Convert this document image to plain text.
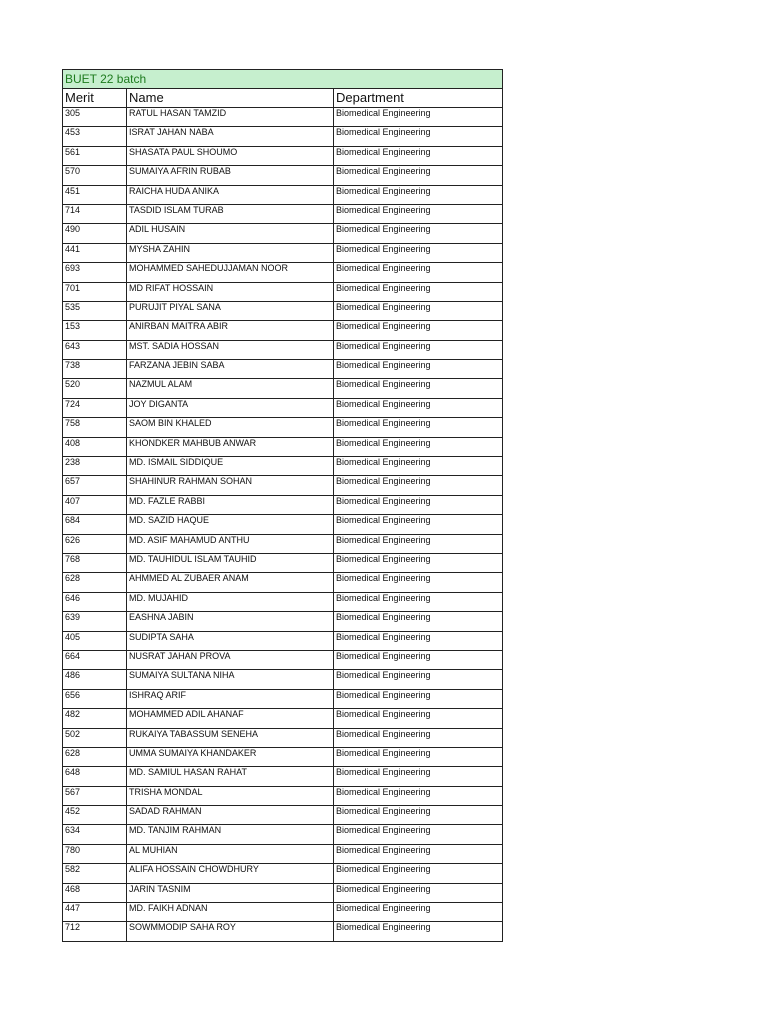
BUET 22 batch		
Merit	Name	Department
305	RATUL HASAN TAMZID	Biomedical Engineering
453	ISRAT JAHAN NABA	Biomedical Engineering
561	SHASATA PAUL SHOUMO	Biomedical Engineering
570	SUMAIYA AFRIN RUBAB	Biomedical Engineering
451	RAICHA HUDA ANIKA	Biomedical Engineering
714	TASDID ISLAM TURAB	Biomedical Engineering
490	ADIL HUSAIN	Biomedical Engineering
441	MYSHA ZAHIN	Biomedical Engineering
693	MOHAMMED SAHEDUJJAMAN NOOR	Biomedical Engineering
701	MD RIFAT HOSSAIN	Biomedical Engineering
535	PURUJIT PIYAL SANA	Biomedical Engineering
153	ANIRBAN MAITRA ABIR	Biomedical Engineering
643	MST. SADIA HOSSAN	Biomedical Engineering
738	FARZANA JEBIN SABA	Biomedical Engineering
520	NAZMUL ALAM	Biomedical Engineering
724	JOY DIGANTA	Biomedical Engineering
758	SAOM BIN KHALED	Biomedical Engineering
408	KHONDKER MAHBUB ANWAR	Biomedical Engineering
238	MD. ISMAIL SIDDIQUE	Biomedical Engineering
657	SHAHINUR RAHMAN SOHAN	Biomedical Engineering
407	MD. FAZLE RABBI	Biomedical Engineering
684	MD. SAZID HAQUE	Biomedical Engineering
626	MD. ASIF MAHAMUD ANTHU	Biomedical Engineering
768	MD. TAUHIDUL ISLAM TAUHID	Biomedical Engineering
628	AHMMED AL ZUBAER ANAM	Biomedical Engineering
646	MD. MUJAHID	Biomedical Engineering
639	EASHNA JABIN	Biomedical Engineering
405	SUDIPTA SAHA	Biomedical Engineering
664	NUSRAT JAHAN PROVA	Biomedical Engineering
486	SUMAIYA SULTANA NIHA	Biomedical Engineering
656	ISHRAQ ARIF	Biomedical Engineering
482	MOHAMMED ADIL AHANAF	Biomedical Engineering
502	RUKAIYA TABASSUM SENEHA	Biomedical Engineering
628	UMMA SUMAIYA KHANDAKER	Biomedical Engineering
648	MD. SAMIUL HASAN RAHAT	Biomedical Engineering
567	TRISHA MONDAL	Biomedical Engineering
452	SADAD RAHMAN	Biomedical Engineering
634	MD. TANJIM RAHMAN	Biomedical Engineering
780	AL MUHIAN	Biomedical Engineering
582	ALIFA HOSSAIN CHOWDHURY	Biomedical Engineering
468	JARIN TASNIM	Biomedical Engineering
447	MD. FAIKH ADNAN	Biomedical Engineering
712	SOWMMODIP SAHA ROY	Biomedical Engineering
